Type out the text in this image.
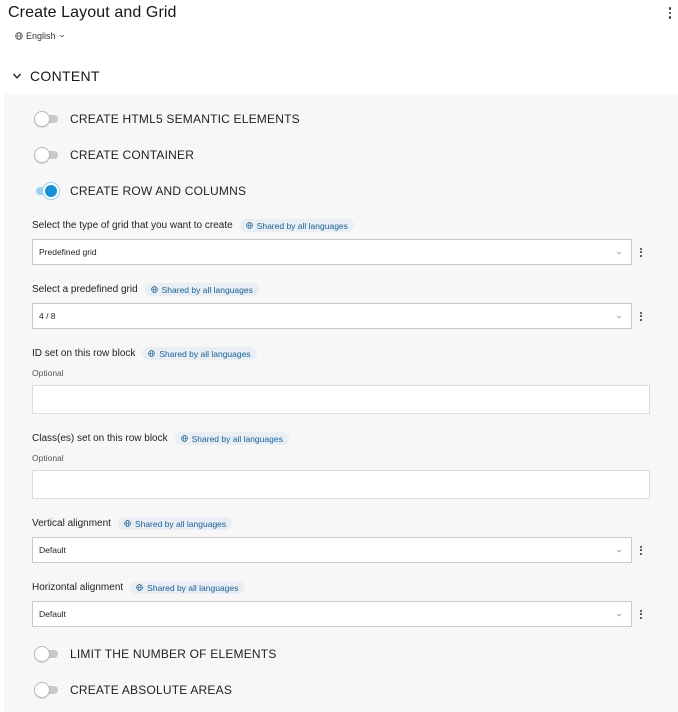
Create Layout and Grid
English
CONTENT
CREATE HTML5 SEMANTIC ELEMENTS
CREATE CONTAINER
CREATE ROW AND COLUMNS
Select the type of grid that you want to create	Shared by all languages
Predefined grid
Select a predefined grid	Shared by all languages
4 / 8
ID set on this row block	Shared by all languages
Optional
Class(es) set on this row block	Shared by all languages
Optional
Vertical alignment	Shared by all languages
Default
Horizontal alignment	Shared by all languages
Default
LIMIT THE NUMBER OF ELEMENTS
CREATE ABSOLUTE AREAS
